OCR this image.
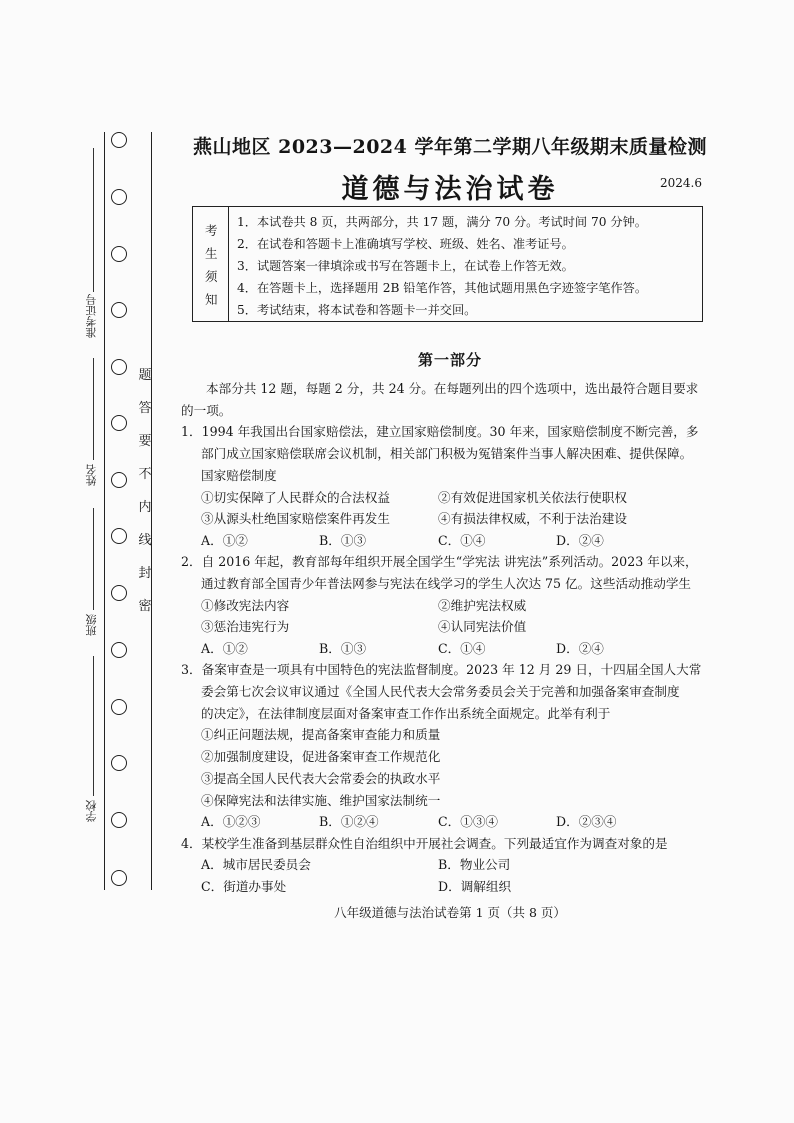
准考证号
姓名
班级
学校
题
答
要
不
内
线
封
密
燕山地区 2023—2024 学年第二学期八年级期末质量检测
道德与法治试卷	2024.6
考
生
须
知
1．本试卷共 8 页，共两部分，共 17 题，满分 70 分。考试时间 70 分钟。
2．在试卷和答题卡上准确填写学校、班级、姓名、准考证号。
3．试题答案一律填涂或书写在答题卡上，在试卷上作答无效。
4．在答题卡上，选择题用 2B 铅笔作答，其他试题用黑色字迹签字笔作答。
5．考试结束，将本试卷和答题卡一并交回。
第一部分
本部分共 12 题，每题 2 分，共 24 分。在每题列出的四个选项中，选出最符合题目要求
的一项。
1．1994 年我国出台国家赔偿法，建立国家赔偿制度。30 年来，国家赔偿制度不断完善，多
部门成立国家赔偿联席会议机制，相关部门积极为冤错案件当事人解决困难、提供保障。
国家赔偿制度
①切实保障了人民群众的合法权益	②有效促进国家机关依法行使职权
③从源头杜绝国家赔偿案件再发生	④有损法律权威，不利于法治建设
A．①②	B．①③	C．①④	D．②④
2．自 2016 年起，教育部每年组织开展全国学生“学宪法 讲宪法”系列活动。2023 年以来，
通过教育部全国青少年普法网参与宪法在线学习的学生人次达 75 亿。这些活动推动学生
①修改宪法内容	②维护宪法权威
③惩治违宪行为	④认同宪法价值
A．①②	B．①③	C．①④	D．②④
3．备案审查是一项具有中国特色的宪法监督制度。2023 年 12 月 29 日，十四届全国人大常
委会第七次会议审议通过《全国人民代表大会常务委员会关于完善和加强备案审查制度
的决定》，在法律制度层面对备案审查工作作出系统全面规定。此举有利于
①纠正问题法规，提高备案审查能力和质量
②加强制度建设，促进备案审查工作规范化
③提高全国人民代表大会常委会的执政水平
④保障宪法和法律实施、维护国家法制统一
A．①②③	B．①②④	C．①③④	D．②③④
4．某校学生准备到基层群众性自治组织中开展社会调查。下列最适宜作为调查对象的是
A．城市居民委员会	B．物业公司
C．街道办事处	D．调解组织
八年级道德与法治试卷第 1 页（共 8 页）
